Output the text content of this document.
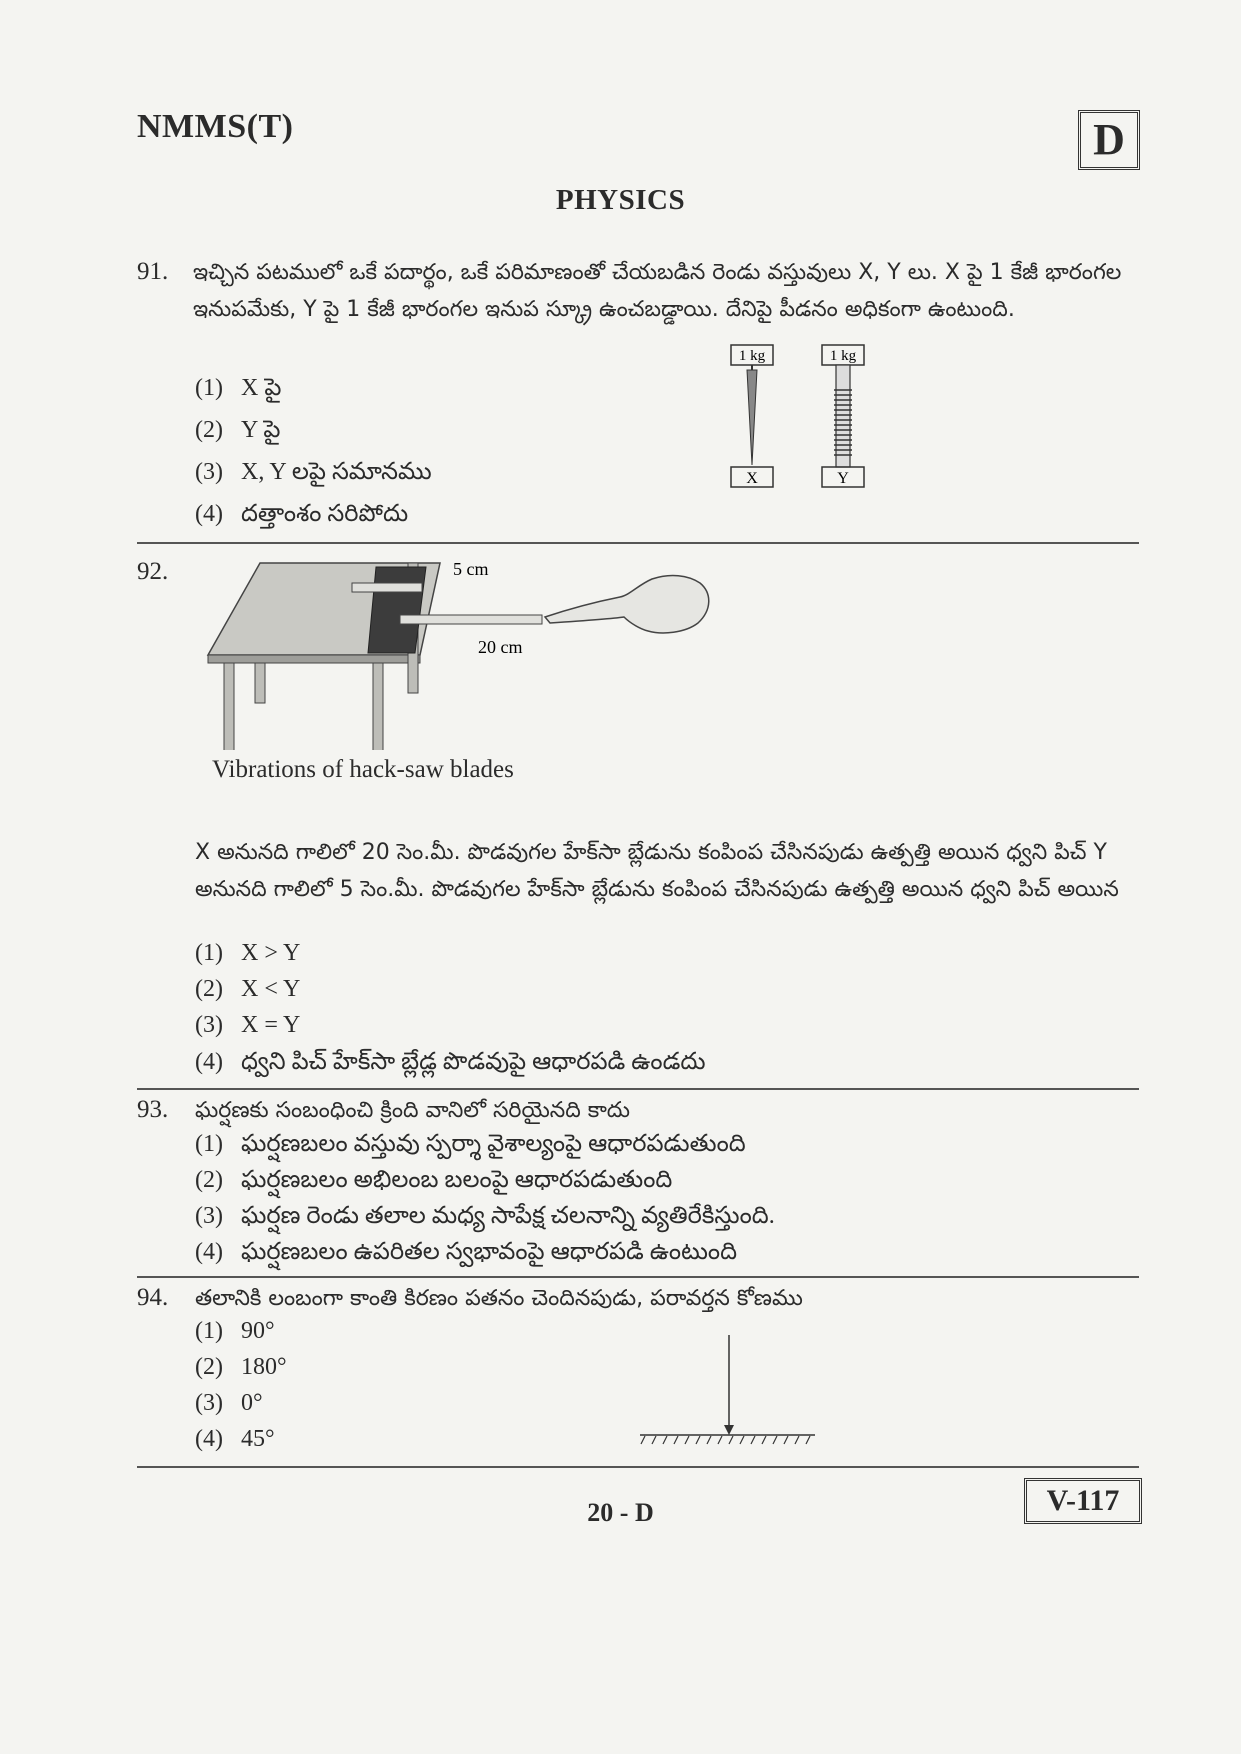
NMMS(T)	D
PHYSICS
91. ఇచ్చిన పటములో ఒకే పదార్థం, ఒకే పరిమాణంతో చేయబడిన రెండు వస్తువులు X, Y లు. X పై 1 కేజీ భారంగల ఇనుపమేకు, Y పై 1 కేజీ భారంగల ఇనుప స్క్రూ ఉంచబడ్డాయి. దేనిపై పీడనం అధికంగా ఉంటుంది.
(1) X పై
(2) Y పై
(3) X, Y లపై సమానము
(4) దత్తాంశం సరిపోదు
1 kg
X
1 kg
Y
92.	5 cm
20 cm
Vibrations of hack-saw blades
X అనునది గాలిలో 20 సెం.మీ. పొడవుగల హేక్‌సా బ్లేడును కంపింప చేసినపుడు ఉత్పత్తి అయిన ధ్వని పిచ్ Y అనునది గాలిలో 5 సెం.మీ. పొడవుగల హేక్‌సా బ్లేడును కంపింప చేసినపుడు ఉత్పత్తి అయిన ధ్వని పిచ్ అయిన
(1) X > Y
(2) X < Y
(3) X = Y
(4) ధ్వని పిచ్ హేక్‌సా బ్లేడ్ల పొడవుపై ఆధారపడి ఉండదు
93. ఘర్షణకు సంబంధించి క్రింది వానిలో సరియైనది కాదు
(1) ఘర్షణబలం వస్తువు స్పర్శా వైశాల్యంపై ఆధారపడుతుంది
(2) ఘర్షణబలం అభిలంబ బలంపై ఆధారపడుతుంది
(3) ఘర్షణ రెండు తలాల మధ్య సాపేక్ష చలనాన్ని వ్యతిరేకిస్తుంది.
(4) ఘర్షణబలం ఉపరితల స్వభావంపై ఆధారపడి ఉంటుంది
94. తలానికి లంబంగా కాంతి కిరణం పతనం చెందినపుడు, పరావర్తన కోణము
(1) 90°
(2) 180°
(3) 0°
(4) 45°
20 - D	V-117
